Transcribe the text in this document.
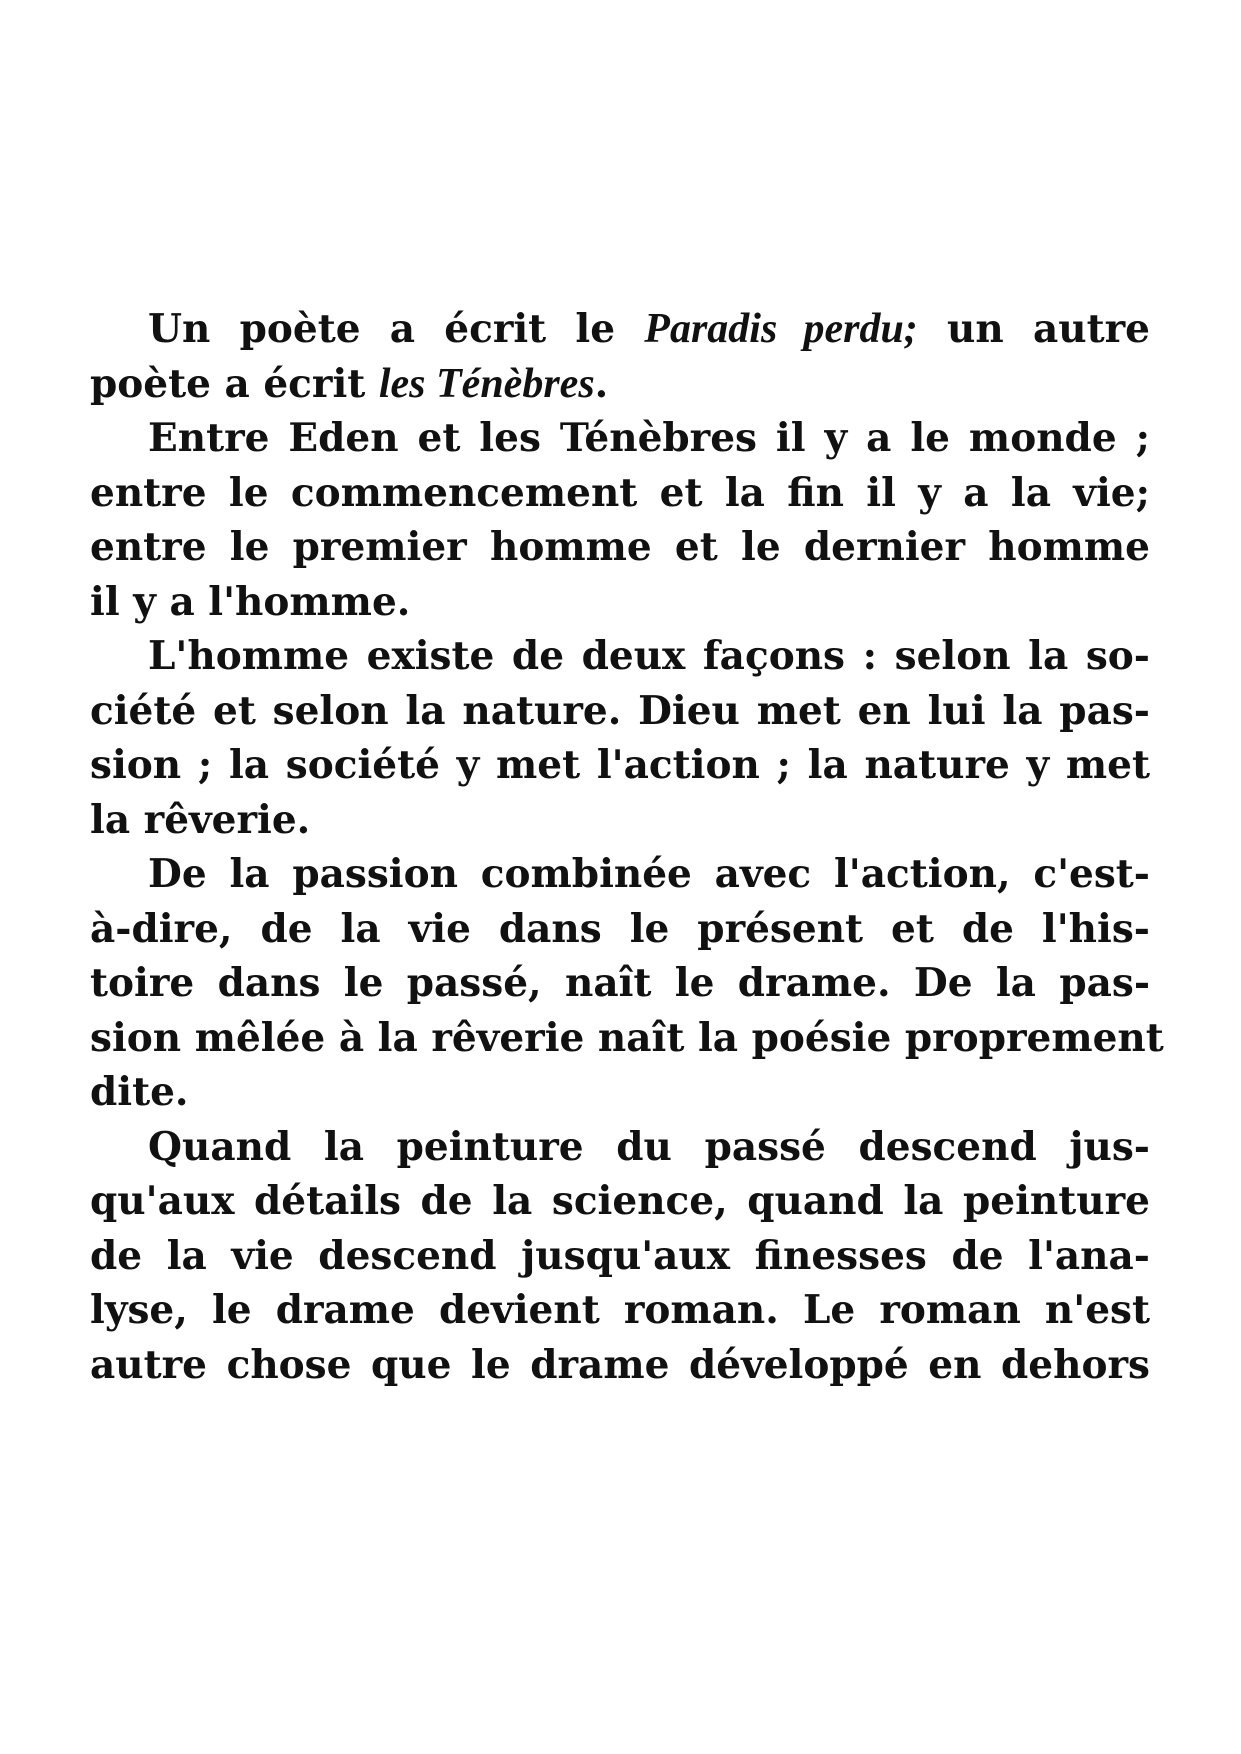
Un poète a écrit le Paradis perdu; un autre
poète a écrit les Ténèbres.
Entre Eden et les Ténèbres il y a le monde ;
entre le commencement et la fin il y a la vie;
entre le premier homme et le dernier homme
il y a l'homme.
L'homme existe de deux façons : selon la so-
ciété et selon la nature. Dieu met en lui la pas-
sion ; la société y met l'action ; la nature y met
la rêverie.
De la passion combinée avec l'action, c'est-
à-dire, de la vie dans le présent et de l'his-
toire dans le passé, naît le drame. De la pas-
sion mêlée à la rêverie naît la poésie proprement
dite.
Quand la peinture du passé descend jus-
qu'aux détails de la science, quand la peinture
de la vie descend jusqu'aux finesses de l'ana-
lyse, le drame devient roman. Le roman n'est
autre chose que le drame développé en dehors
